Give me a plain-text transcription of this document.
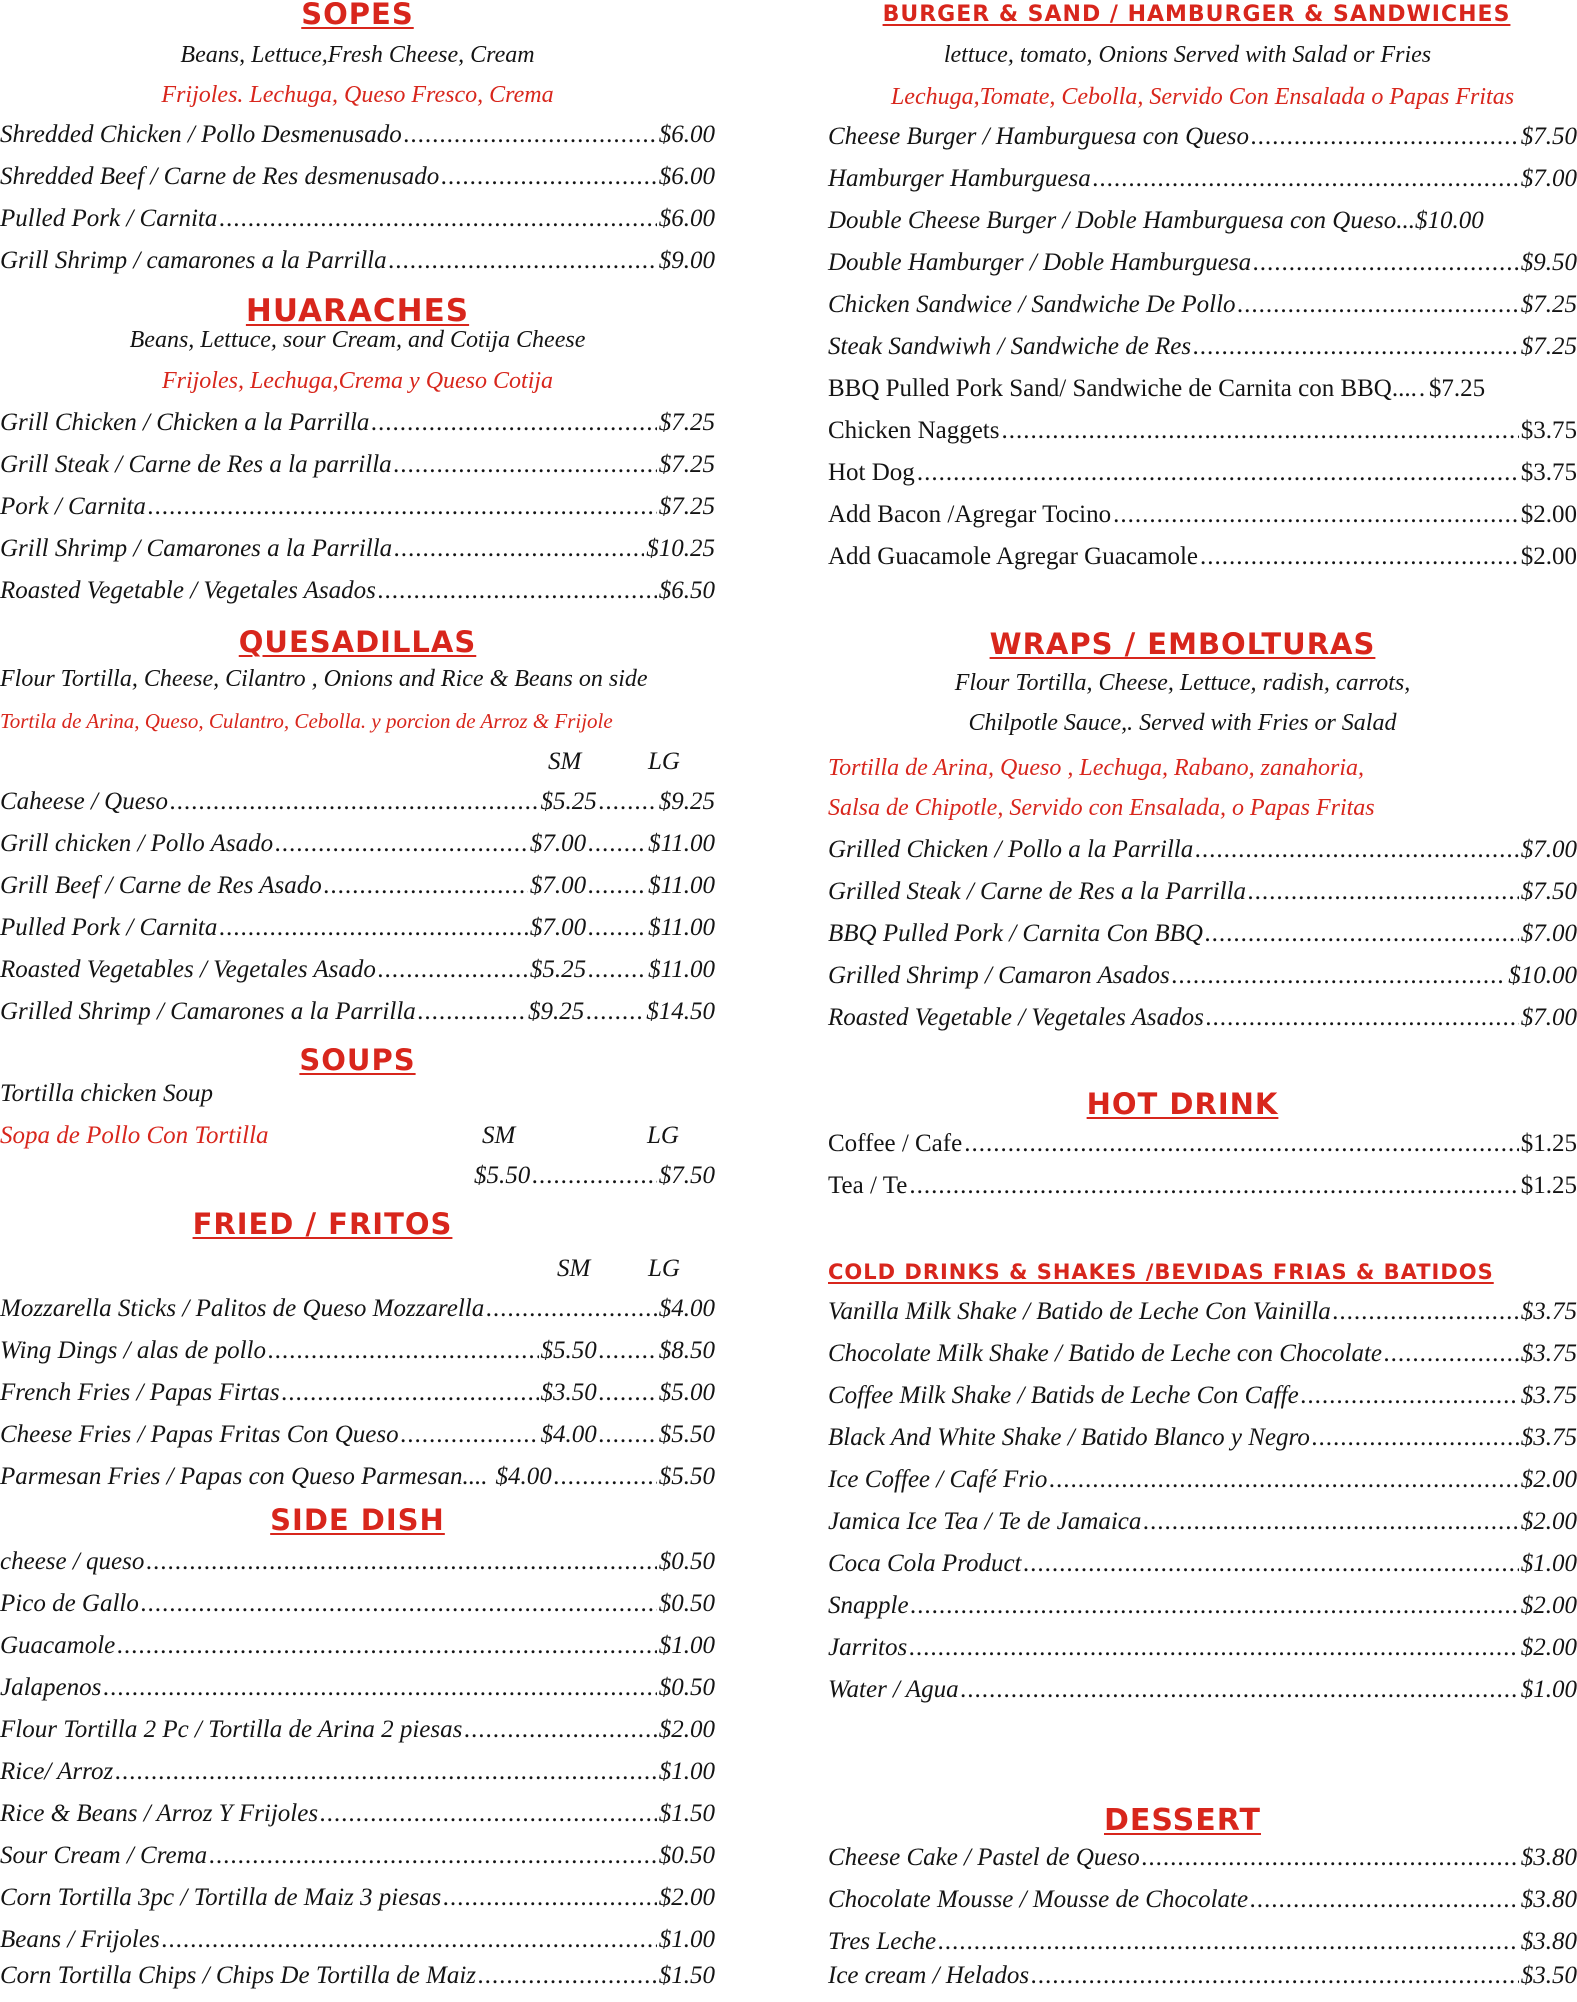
SOPES
Beans, Lettuce,Fresh Cheese, Cream
Frijoles. Lechuga, Queso Fresco, Crema
Shredded Chicken / Pollo Desmenusado .....	$6.00
Shredded Beef / Carne de Res desmenusado .....	$6.00
Pulled Pork / Carnita .....	$6.00
Grill Shrimp / camarones a la Parrilla .....	$9.00
HUARACHES
Beans, Lettuce, sour Cream, and Cotija Cheese
Frijoles, Lechuga,Crema y Queso Cotija
Grill Chicken / Chicken a la Parrilla .....	$7.25
Grill Steak / Carne de Res a la parrilla .....	$7.25
Pork / Carnita .....	$7.25
Grill Shrimp / Camarones a la Parrilla .....	$10.25
Roasted Vegetable / Vegetales Asados .....	$6.50
QUESADILLAS
Flour Tortilla, Cheese, Cilantro , Onions and Rice & Beans on side
Tortila de Arina, Queso, Culantro, Cebolla. y porcion de Arroz & Frijole
SM	LG
Caheese / Queso .....	$5.25 ..... $9.25
Grill chicken / Pollo Asado .....	$7.00 ..... $11.00
Grill Beef / Carne de Res Asado .....	$7.00 ..... $11.00
Pulled Pork / Carnita .....	$7.00 ..... $11.00
Roasted Vegetables / Vegetales Asado .....	$5.25 ..... $11.00
Grilled Shrimp / Camarones a la Parrilla .....	$9.25 ..... $14.50
SOUPS
Tortilla chicken Soup
Sopa de Pollo Con Tortilla	SM	LG
$5.50 .....	$7.50
FRIED / FRITOS
SM LG
Mozzarella Sticks / Palitos de Queso Mozzarella .....	$4.00
Wing Dings / alas de pollo .....	$5.50 ..... $8.50
French Fries / Papas Firtas .....	$3.50 ..... $5.00
Cheese Fries / Papas Fritas Con Queso .....	$4.00 ..... $5.50
Parmesan Fries / Papas con Queso Parmesan.... $4.00 .....	$5.50
SIDE DISH
cheese / queso .....	$0.50
Pico de Gallo .....	$0.50
Guacamole .....	$1.00
Jalapenos .....	$0.50
Flour Tortilla 2 Pc / Tortilla de Arina 2 piesas .....	$2.00
Rice/ Arroz .....	$1.00
Rice & Beans / Arroz Y Frijoles .....	$1.50
Sour Cream / Crema .....	$0.50
Corn Tortilla 3pc / Tortilla de Maiz 3 piesas .....	$2.00
Beans / Frijoles .....	$1.00
Corn Tortilla Chips / Chips De Tortilla de Maiz .....	$1.50
BURGER & SAND / HAMBURGER & SANDWICHES
lettuce, tomato, Onions Served with Salad or Fries
Lechuga,Tomate, Cebolla, Servido Con Ensalada o Papas Fritas
Cheese Burger / Hamburguesa con Queso .....	$7.50
Hamburger Hamburguesa .....	$7.00
Double Cheese Burger / Doble Hamburguesa con Queso... $10.00
Double Hamburger / Doble Hamburguesa .....	$9.50
Chicken Sandwice / Sandwiche De Pollo .....	$7.25
Steak Sandwiwh / Sandwiche de Res .....	$7.25
BBQ Pulled Pork Sand/ Sandwiche de Carnita con BBQ.... ..... $7.25
Chicken Naggets .....	$3.75
Hot Dog .....	$3.75
Add Bacon /Agregar Tocino .....	$2.00
Add Guacamole Agregar Guacamole .....	$2.00
WRAPS / EMBOLTURAS
Flour Tortilla, Cheese, Lettuce, radish, carrots,
Chilpotle Sauce,. Served with Fries or Salad
Tortilla de Arina, Queso , Lechuga, Rabano, zanahoria,
Salsa de Chipotle, Servido con Ensalada, o Papas Fritas
Grilled Chicken / Pollo a la Parrilla .....	$7.00
Grilled Steak / Carne de Res a la Parrilla .....	$7.50
BBQ Pulled Pork / Carnita Con BBQ .....	$7.00
Grilled Shrimp / Camaron Asados .....	$10.00
Roasted Vegetable / Vegetales Asados .....	$7.00
HOT DRINK
Coffee / Cafe .....	$1.25
Tea / Te .....	$1.25
COLD DRINKS & SHAKES /BEVIDAS FRIAS & BATIDOS
Vanilla Milk Shake / Batido de Leche Con Vainilla .....	$3.75
Chocolate Milk Shake / Batido de Leche con Chocolate .....	$3.75
Coffee Milk Shake / Batids de Leche Con Caffe .....	$3.75
Black And White Shake / Batido Blanco y Negro .....	$3.75
Ice Coffee / Café Frio .....	$2.00
Jamica Ice Tea / Te de Jamaica .....	$2.00
Coca Cola Product .....	$1.00
Snapple .....	$2.00
Jarritos .....	$2.00
Water / Agua .....	$1.00
DESSERT
Cheese Cake / Pastel de Queso .....	$3.80
Chocolate Mousse / Mousse de Chocolate .....	$3.80
Tres Leche .....	$3.80
Ice cream / Helados .....	$3.50
